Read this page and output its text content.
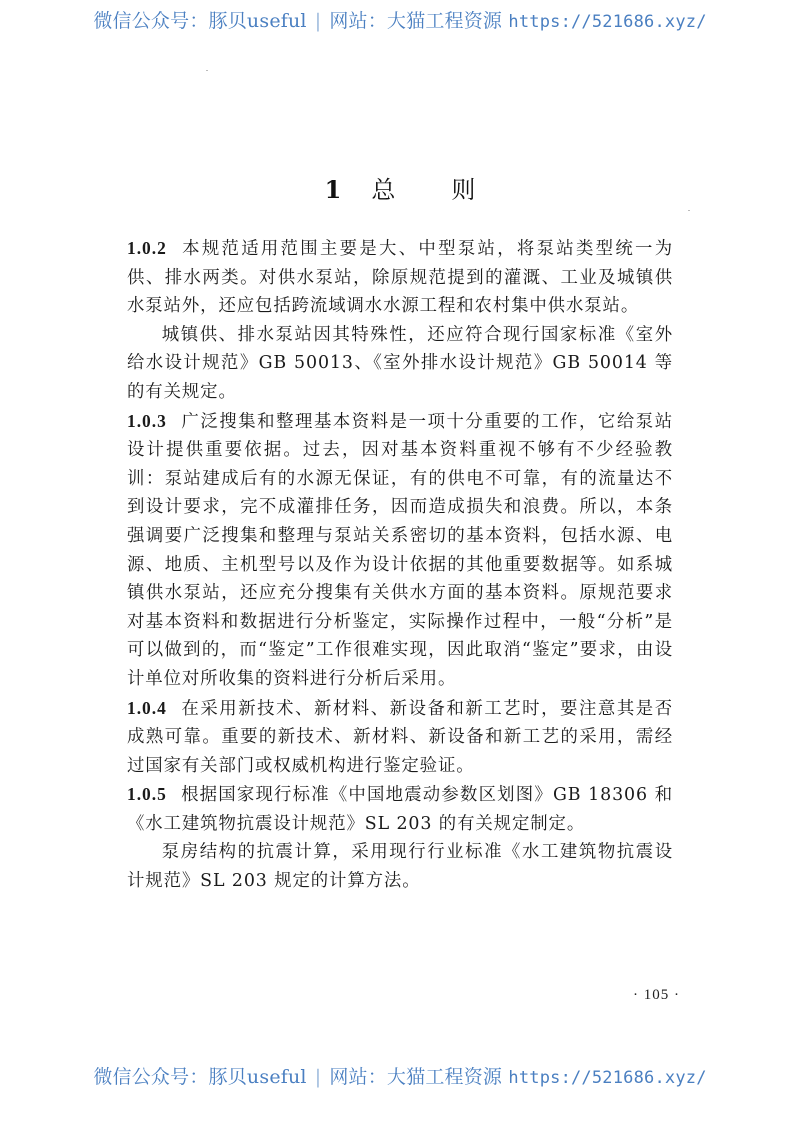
微信公众号：豚贝useful | 网站：大猫工程资源 https://521686.xyz/
1 总 则

1.0.2 本规范适用范围主要是大、中型泵站，将泵站类型统一为供、排水两类。对供水泵站，除原规范提到的灌溉、工业及城镇供水泵站外，还应包括跨流域调水水源工程和农村集中供水泵站。

城镇供、排水泵站因其特殊性，还应符合现行国家标准《室外给水设计规范》GB 50013、《室外排水设计规范》GB 50014 等的有关规定。

1.0.3 广泛搜集和整理基本资料是一项十分重要的工作，它给泵站设计提供重要依据。过去，因对基本资料重视不够有不少经验教训：泵站建成后有的水源无保证，有的供电不可靠，有的流量达不到设计要求，完不成灌排任务，因而造成损失和浪费。所以，本条强调要广泛搜集和整理与泵站关系密切的基本资料，包括水源、电源、地质、主机型号以及作为设计依据的其他重要数据等。如系城镇供水泵站，还应充分搜集有关供水方面的基本资料。原规范要求对基本资料和数据进行分析鉴定，实际操作过程中，一般“分析”是可以做到的，而“鉴定”工作很难实现，因此取消“鉴定”要求，由设计单位对所收集的资料进行分析后采用。

1.0.4 在采用新技术、新材料、新设备和新工艺时，要注意其是否成熟可靠。重要的新技术、新材料、新设备和新工艺的采用，需经过国家有关部门或权威机构进行鉴定验证。

1.0.5 根据国家现行标准《中国地震动参数区划图》GB 18306 和《水工建筑物抗震设计规范》SL 203 的有关规定制定。

泵房结构的抗震计算，采用现行行业标准《水工建筑物抗震设计规范》SL 203 规定的计算方法。

· 105 ·
微信公众号：豚贝useful | 网站：大猫工程资源 https://521686.xyz/
